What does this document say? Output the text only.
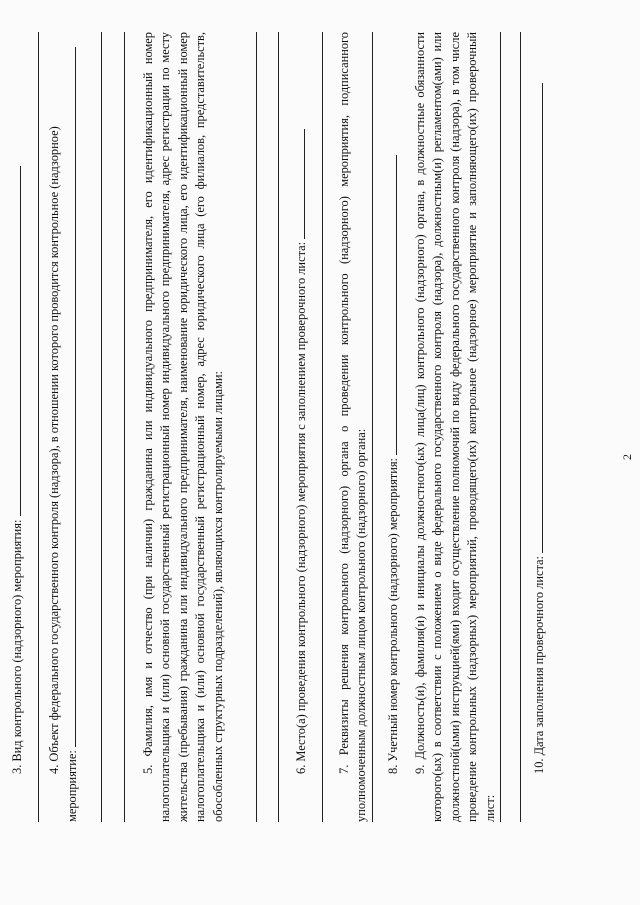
2

3. Вид контрольного (надзорного) мероприятия: 4. Объект федерального государственного контроля (надзора), в отношении которого проводится контрольное (надзорное)

мероприятие:

5. Фамилия, имя и отчество (при наличии) гражданина или индивидуального предпринимателя, его идентификационный номер налогоплательщика и (или) основной государственный регистрационный номер индивидуального предпринимателя, адрес регистрации по месту жительства (пребывания) гражданина или индивидуального предпринимателя, наименование юридического лица, его идентификационный номер налогоплательщика и (или) основной государственный регистрационный номер, адрес юридического лица (его филиалов, представительств, обособленных структурных подразделений), являющихся контролируемыми лицами:	6. Место(а) проведения контрольного (надзорного) мероприятия с заполнением проверочного листа: 7. Реквизиты решения контрольного (надзорного) органа о проведении контрольного (надзорного) мероприятия, подписанного уполномоченным должностным лицом контрольного (надзорного) органа: 8. Учетный номер контрольного (надзорного) мероприятия: 9. Должность(и), фамилия(и) и инициалы должностного(ых) лица(лиц) контрольного (надзорного) органа, в должностные обязанности которого(ых) в соответствии с положением о виде федерального государственного контроля (надзора), должностным(и) регламентом(ами) или должностной(ыми) инструкцией(ями) входит осуществление полномочий по виду федерального государственного контроля (надзора), в том числе проведение контрольных (надзорных) мероприятий, проводящего(их) контрольное (надзорное) мероприятие и заполняющего(их) проверочный лист:

10. Дата заполнения проверочного листа:
